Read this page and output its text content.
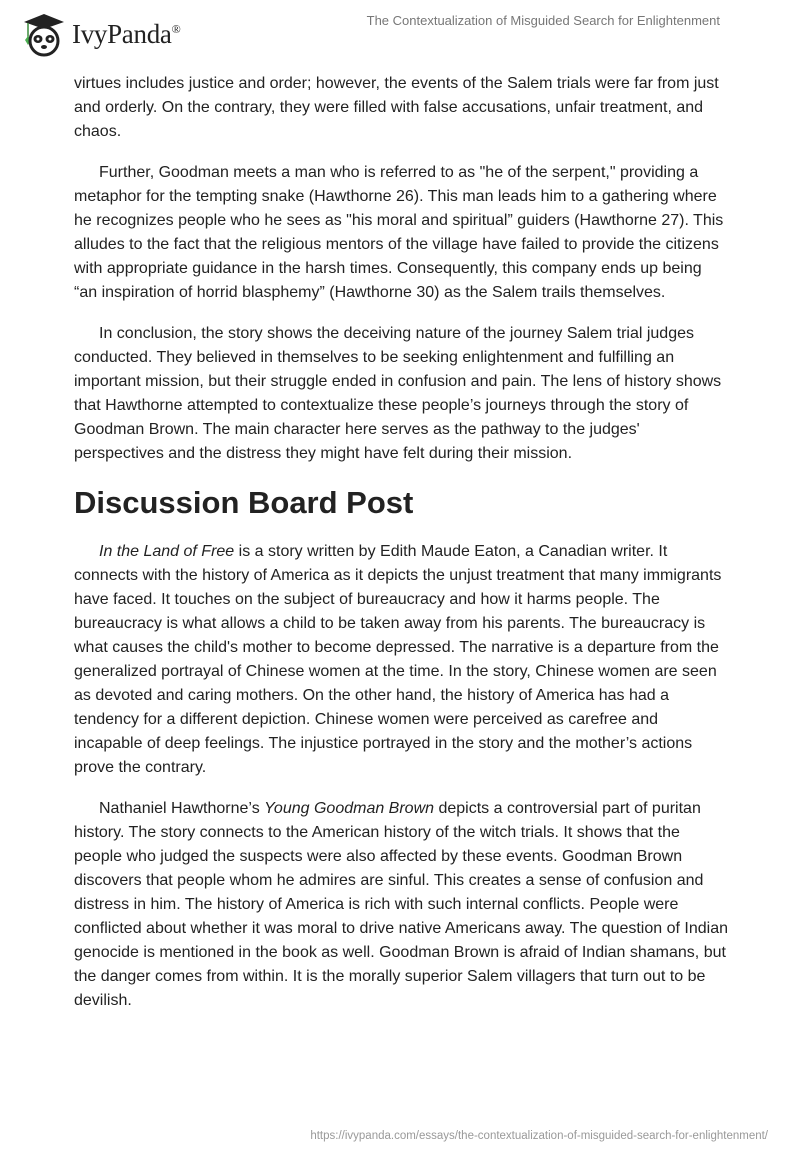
IvyPanda®
The Contextualization of Misguided Search for Enlightenment

virtues includes justice and order; however, the events of the Salem trials were far from just and orderly. On the contrary, they were filled with false accusations, unfair treatment, and chaos.

Further, Goodman meets a man who is referred to as "he of the serpent," providing a metaphor for the tempting snake (Hawthorne 26). This man leads him to a gathering where he recognizes people who he sees as "his moral and spiritual” guiders (Hawthorne 27). This alludes to the fact that the religious mentors of the village have failed to provide the citizens with appropriate guidance in the harsh times. Consequently, this company ends up being “an inspiration of horrid blasphemy” (Hawthorne 30) as the Salem trails themselves.

In conclusion, the story shows the deceiving nature of the journey Salem trial judges conducted. They believed in themselves to be seeking enlightenment and fulfilling an important mission, but their struggle ended in confusion and pain. The lens of history shows that Hawthorne attempted to contextualize these people’s journeys through the story of Goodman Brown. The main character here serves as the pathway to the judges' perspectives and the distress they might have felt during their mission.

Discussion Board Post

In the Land of Free is a story written by Edith Maude Eaton, a Canadian writer. It connects with the history of America as it depicts the unjust treatment that many immigrants have faced. It touches on the subject of bureaucracy and how it harms people. The bureaucracy is what allows a child to be taken away from his parents. The bureaucracy is what causes the child's mother to become depressed. The narrative is a departure from the generalized portrayal of Chinese women at the time. In the story, Chinese women are seen as devoted and caring mothers. On the other hand, the history of America has had a tendency for a different depiction. Chinese women were perceived as carefree and incapable of deep feelings. The injustice portrayed in the story and the mother’s actions prove the contrary.

Nathaniel Hawthorne’s Young Goodman Brown depicts a controversial part of puritan history. The story connects to the American history of the witch trials. It shows that the people who judged the suspects were also affected by these events. Goodman Brown discovers that people whom he admires are sinful. This creates a sense of confusion and distress in him. The history of America is rich with such internal conflicts. People were conflicted about whether it was moral to drive native Americans away. The question of Indian genocide is mentioned in the book as well. Goodman Brown is afraid of Indian shamans, but the danger comes from within. It is the morally superior Salem villagers that turn out to be devilish.

https://ivypanda.com/essays/the-contextualization-of-misguided-search-for-enlightenment/
